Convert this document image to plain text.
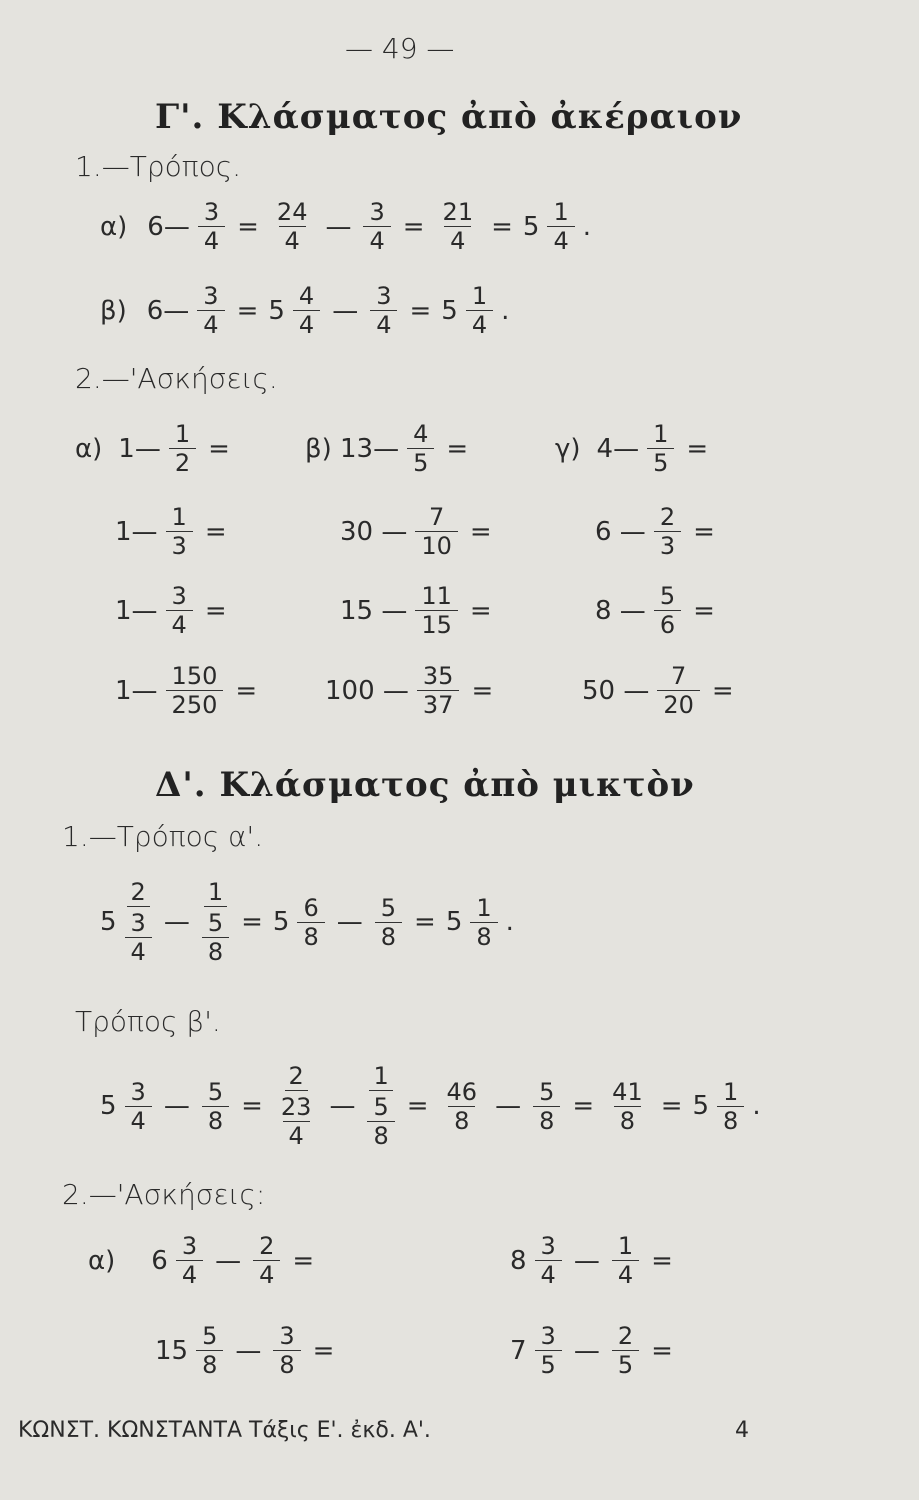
— 49 —
Γ'. Κλάσματος ἀπὸ ἀκέραιον
1.—Τρόπος.
α) 6— $\frac{3}{4} = \frac{24}{4}$ — $\frac{3}{4} = \frac{21}{4} = 5 \frac{1}{4}$ .
β) 6— $\frac{3}{4} = 5 \frac{4}{4}$ — $\frac{3}{4} = 5 \frac{1}{4}$ .
2.—'Ασκήσεις.
α) 1— $\frac{1}{2}$ =	β) 13— $\frac{4}{5}$ =	γ) 4— $\frac{1}{5}$ =
1— $\frac{1}{3}$ =	30 — $\frac{7}{10}$ =	6 — $\frac{2}{3}$ =
1— $\frac{3}{4}$ =	15 — $\frac{11}{15}$ =	8 — $\frac{5}{6}$ =
1— $\frac{150}{250}$ =	100 — $\frac{35}{37}$ =	50 — $\frac{7}{20}$ =
Δ'. Κλάσματος ἀπὸ μικτὸν
1.—Τρόπος α'.
5
2
$\frac{3}{4}$ — $\frac{1}{\frac{5}{8}} = 5 \frac{6}{8}$ — $\frac{5}{8} = 5 \frac{1}{8}$ .
Τρόπος β'.
$5 \frac{3}{4}$ — $\frac{5}{8} = \frac{2}{\frac{23}{4}}$ — $\frac{1}{\frac{5}{8}} = \frac{46}{8}$ — $\frac{5}{8} = \frac{41}{8} = 5 \frac{1}{8}$ .
2.—'Ασκήσεις:
α) $6 \frac{3}{4}$ — $\frac{2}{4}$ =	$8 \frac{3}{4}$ — $\frac{1}{4}$ =
$15 \frac{5}{8}$ — $\frac{3}{8}$ =	$7 \frac{3}{5}$ — $\frac{2}{5}$ =
ΚΩΝΣΤ. ΚΩΝΣΤΑΝΤΑ Τάξις Ε'. ἐκδ. Α'.	4
